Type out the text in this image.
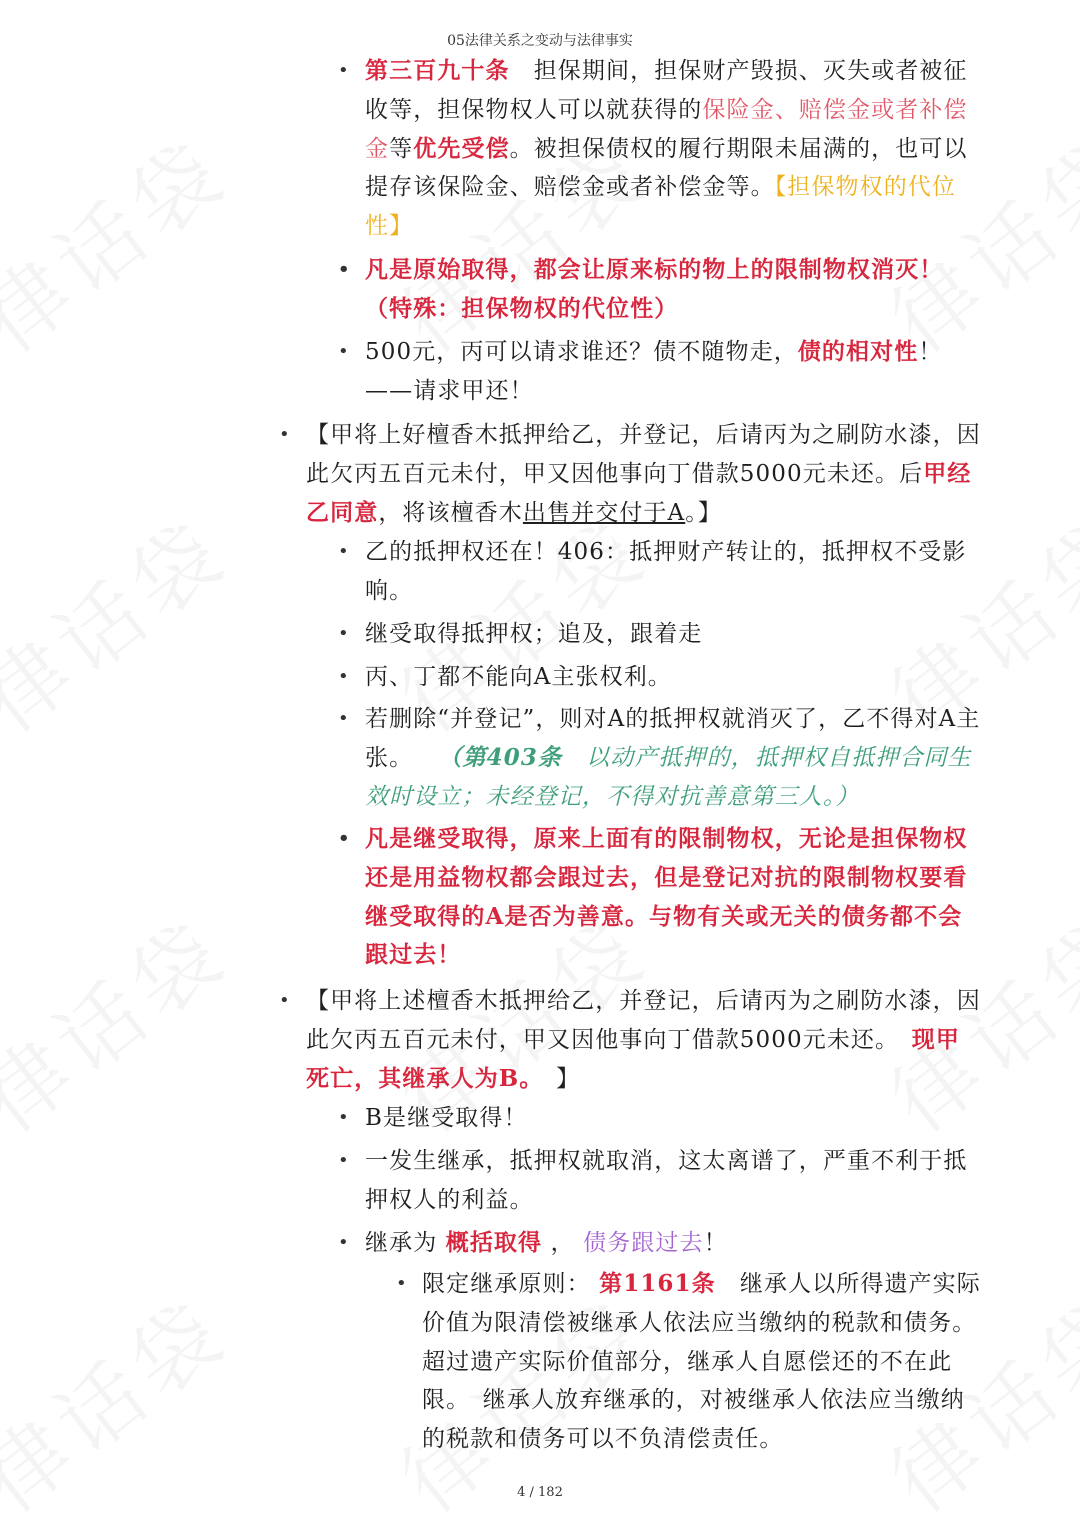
05法律关系之变动与法律事实
• 第三百九十条　担保期间，担保财产毁损、灭失或者被征收等，担保物权人可以就获得的保险金、赔偿金或者补偿金等优先受偿。被担保债权的履行期限未届满的，也可以提存该保险金、赔偿金或者补偿金等。【担保物权的代位性】
• 凡是原始取得，都会让原来标的物上的限制物权消灭！（特殊：担保物权的代位性）
• 500元，丙可以请求谁还？债不随物走，债的相对性！——请求甲还！
• 【甲将上好檀香木抵押给乙，并登记，后请丙为之刷防水漆，因此欠丙五百元未付，甲又因他事向丁借款5000元未还。后甲经乙同意，将该檀香木出售并交付于A。】
• 乙的抵押权还在！406：抵押财产转让的，抵押权不受影响。
• 继受取得抵押权；追及，跟着走
• 丙、丁都不能向A主张权利。
• 若删除“并登记”，则对A的抵押权就消灭了，乙不得对A主张。　　 （第403条　 以动产抵押的，抵押权自抵押合同生效时设立；未经登记，不得对抗善意第三人。）
• 凡是继受取得，原来上面有的限制物权，无论是担保物权还是用益物权都会跟过去，但是登记对抗的限制物权要看继受取得的A是否为善意。与物有关或无关的债务都不会跟过去！
• 【甲将上述檀香木抵押给乙，并登记，后请丙为之刷防水漆，因此欠丙五百元未付，甲又因他事向丁借款5000元未还。　 现甲死亡，其继承人为B。　 】
• B是继受取得！
• 一发生继承，抵押权就取消，这太离谱了，严重不利于抵押权人的利益。
• 继承为 概括取得 ， 债务跟过去！
• 限定继承原则： 第1161条　继承人以所得遗产实际价值为限清偿被继承人依法应当缴纳的税款和债务。超过遗产实际价值部分，继承人自愿偿还的不在此限。　继承人放弃继承的，对被继承人依法应当缴纳的税款和债务可以不负清偿责任。
4 / 182
